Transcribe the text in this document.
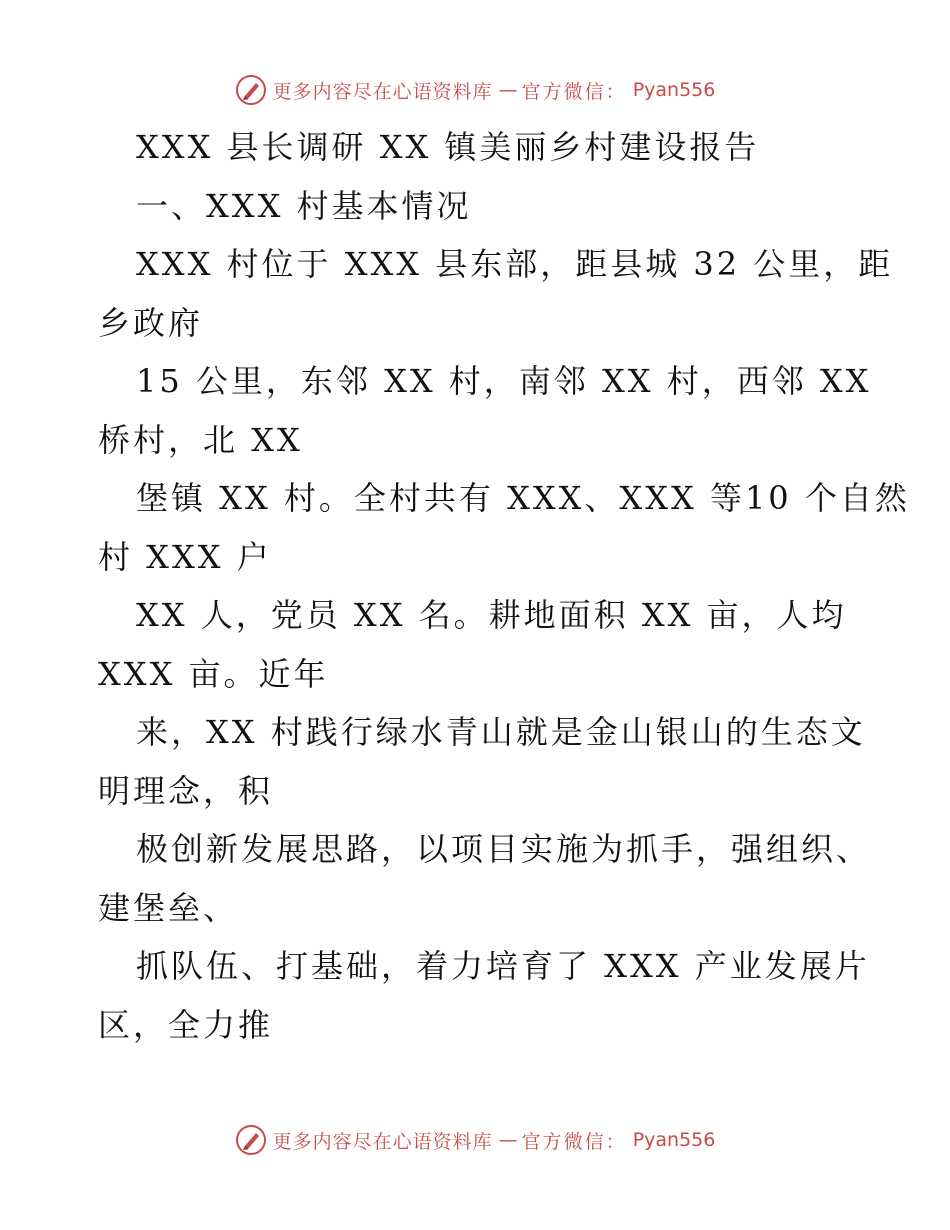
更多内容尽在心语资料库 — 官方微信： Pyan556
XXX 县长调研 XX 镇美丽乡村建设报告
一、XXX 村基本情况
XXX 村位于 XXX 县东部，距县城 32 公里，距
乡政府
15 公里，东邻 XX 村，南邻 XX 村，西邻 XX
桥村，北 XX
堡镇 XX 村。全村共有 XXX、XXX 等10 个自然
村 XXX 户
XX 人，党员 XX 名。耕地面积 XX 亩，人均
XXX 亩。近年
来，XX 村践行绿水青山就是金山银山的生态文
明理念，积
极创新发展思路，以项目实施为抓手，强组织、
建堡垒、
抓队伍、打基础，着力培育了 XXX 产业发展片
区，全力推
更多内容尽在心语资料库 — 官方微信： Pyan556
